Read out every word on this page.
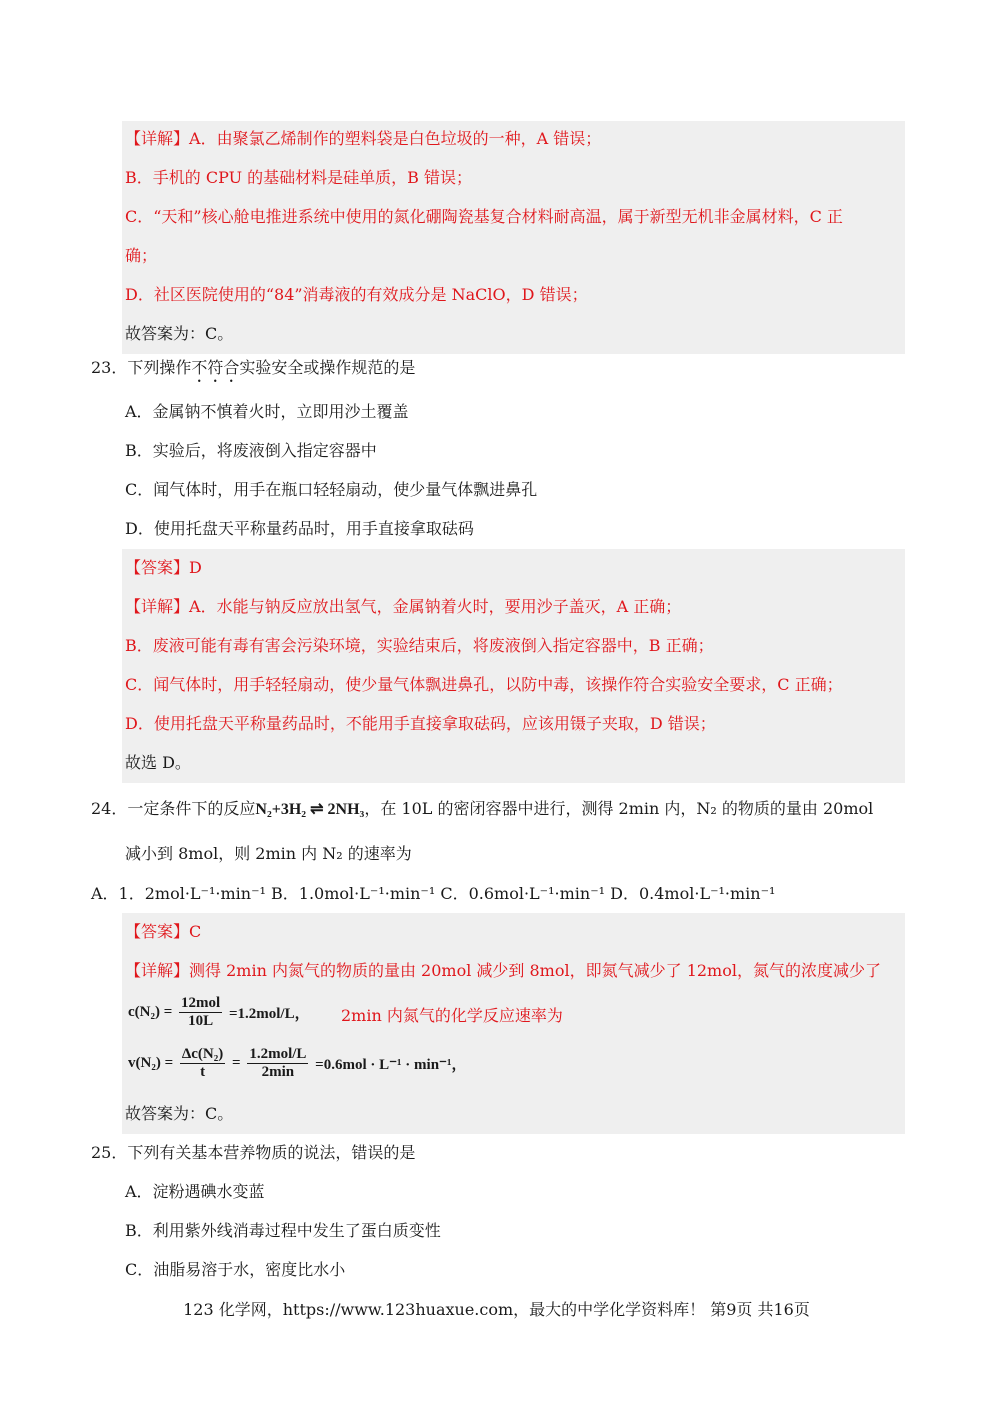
【详解】A．由聚氯乙烯制作的塑料袋是白色垃圾的一种，A 错误；
B．手机的 CPU 的基础材料是硅单质，B 错误；
C．“天和”核心舱电推进系统中使用的氮化硼陶瓷基复合材料耐高温，属于新型无机非金属材料，C 正
确；
D．社区医院使用的“84”消毒液的有效成分是 NaClO，D 错误；
故答案为：C。
23．下列操作不符合实验安全或操作规范的是
A．金属钠不慎着火时，立即用沙土覆盖
B．实验后，将废液倒入指定容器中
C．闻气体时，用手在瓶口轻轻扇动，使少量气体飘进鼻孔
D．使用托盘天平称量药品时，用手直接拿取砝码
【答案】D
【详解】A．水能与钠反应放出氢气，金属钠着火时，要用沙子盖灭，A 正确；
B．废液可能有毒有害会污染环境，实验结束后，将废液倒入指定容器中，B 正确；
C．闻气体时，用手轻轻扇动，使少量气体飘进鼻孔，以防中毒，该操作符合实验安全要求，C 正确；
D．使用托盘天平称量药品时，不能用手直接拿取砝码，应该用镊子夹取，D 错误；
故选 D。
24．一定条件下的反应N₂+3H₂ ⇌ 2NH₃，在 10L 的密闭容器中进行，测得 2min 内，N₂ 的物质的量由 20mol
减小到 8mol，则 2min 内 N₂ 的速率为
A．1．2mol·L⁻¹·min⁻¹ B．1.0mol·L⁻¹·min⁻¹ C．0.6mol·L⁻¹·min⁻¹ D．0.4mol·L⁻¹·min⁻¹
【答案】C
【详解】测得 2min 内氮气的物质的量由 20mol 减少到 8mol，即氮气减少了 12mol，氮气的浓度减少了
$c(N_2) = \frac{\text{12mol}}{10L} =1.2mol/L$， 2min 内氮气的化学反应速率为
$v(N_2) = \frac{\text{Δc(N₂)}}{t} = \frac{\text{1.2mol/L}}{2\min} =0.6mol \cdot L^{-1} \cdot \min^{-1}$，
故答案为：C。
25．下列有关基本营养物质的说法，错误的是
A．淀粉遇碘水变蓝
B．利用紫外线消毒过程中发生了蛋白质变性
C．油脂易溶于水，密度比水小
123 化学网，https://www.123huaxue.com，最大的中学化学资料库！ 第9页 共16页
